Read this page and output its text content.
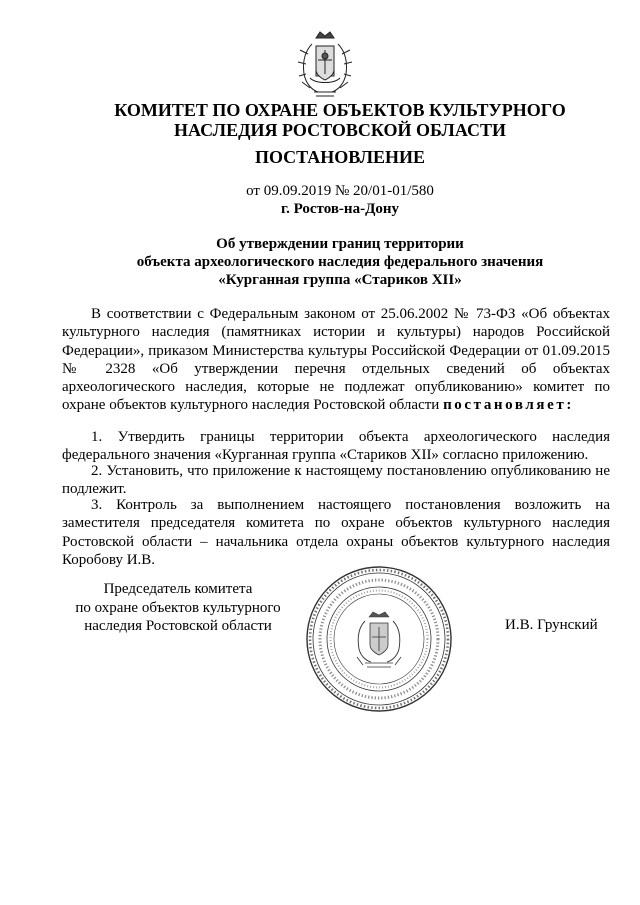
КОМИТЕТ ПО ОХРАНЕ ОБЪЕКТОВ КУЛЬТУРНОГО
НАСЛЕДИЯ РОСТОВСКОЙ ОБЛАСТИ
ПОСТАНОВЛЕНИЕ
от 09.09.2019 № 20/01-01/580
г. Ростов-на-Дону
Об утверждении границ территории
объекта археологического наследия федерального значения
«Курганная группа «Стариков XII»

В соответствии с Федеральным законом от 25.06.2002 № 73-ФЗ «Об объектах культурного наследия (памятниках истории и культуры) народов Российской Федерации», приказом Министерства культуры Российской Федерации от 01.09.2015 № 2328 «Об утверждении перечня отдельных сведений об объектах археологического наследия, которые не подлежат опубликованию» комитет по охране объектов культурного наследия Ростовской области постановляет:

1. Утвердить границы территории объекта археологического наследия федерального значения «Курганная группа «Стариков XII» согласно приложению.

2. Установить, что приложение к настоящему постановлению опубликованию не подлежит.

3. Контроль за выполнением настоящего постановления возложить на заместителя председателя комитета по охране объектов культурного наследия Ростовской области – начальника отдела охраны объектов культурного наследия Коробову И.В.

Председатель комитета
по охране объектов культурного
наследия Ростовской области	И.В. Грунский
